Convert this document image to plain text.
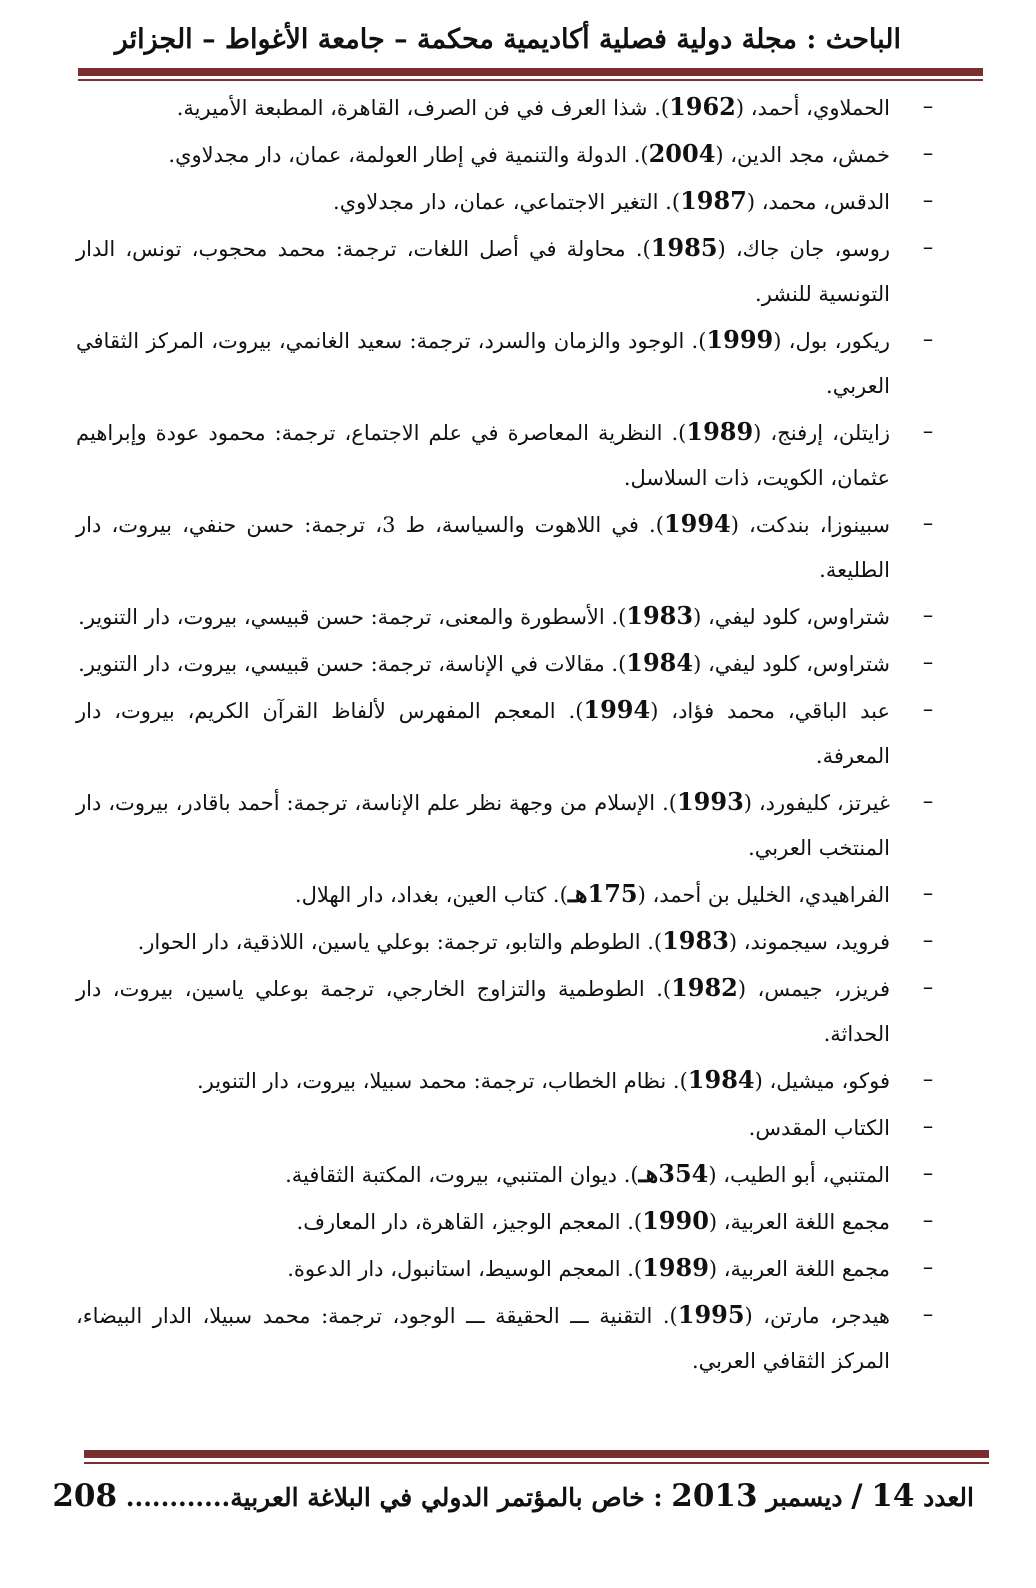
الباحث : مجلة دولية فصلية أكاديمية محكمة – جامعة الأغواط – الجزائر
–
الحملاوي، أحمد، (1962). شذا العرف في فن الصرف، القاهرة، المطبعة الأميرية.
–
خمش، مجد الدين، (2004). الدولة والتنمية في إطار العولمة، عمان، دار مجدلاوي.
–
الدقس، محمد، (1987). التغير الاجتماعي، عمان، دار مجدلاوي.
–
روسو، جان جاك، (1985). محاولة في أصل اللغات، ترجمة: محمد محجوب، تونس، الدار التونسية للنشر.
–
ريكور، بول، (1999). الوجود والزمان والسرد، ترجمة: سعيد الغانمي، بيروت، المركز الثقافي العربي.
–
زايتلن، إرفنج، (1989). النظرية المعاصرة في علم الاجتماع، ترجمة: محمود عودة وإبراهيم عثمان، الكويت، ذات السلاسل.
–
سبينوزا، بندكت، (1994). في اللاهوت والسياسة، ط 3، ترجمة: حسن حنفي، بيروت، دار الطليعة.
–
شتراوس، كلود ليفي، (1983). الأسطورة والمعنى، ترجمة: حسن قبيسي، بيروت، دار التنوير.
–
شتراوس، كلود ليفي، (1984). مقالات في الإناسة، ترجمة: حسن قبيسي، بيروت، دار التنوير.
–
عبد الباقي، محمد فؤاد، (1994). المعجم المفهرس لألفاظ القرآن الكريم، بيروت، دار المعرفة.
–
غيرتز، كليفورد، (1993). الإسلام من وجهة نظر علم الإناسة، ترجمة: أحمد باقادر، بيروت، دار المنتخب العربي.
–
الفراهيدي، الخليل بن أحمد، (175هـ). كتاب العين، بغداد، دار الهلال.
–
فرويد، سيجموند، (1983). الطوطم والتابو، ترجمة: بوعلي ياسين، اللاذقية، دار الحوار.
–
فريزر، جيمس، (1982). الطوطمية والتزاوج الخارجي، ترجمة بوعلي ياسين، بيروت، دار الحداثة.
–
فوكو، ميشيل، (1984). نظام الخطاب، ترجمة: محمد سبيلا، بيروت، دار التنوير.
–
الكتاب المقدس.
–
المتنبي، أبو الطيب، (354هـ). ديوان المتنبي، بيروت، المكتبة الثقافية.
–
مجمع اللغة العربية، (1990). المعجم الوجيز، القاهرة، دار المعارف.
–
مجمع اللغة العربية، (1989). المعجم الوسيط، استانبول، دار الدعوة.
–
هيدجر، مارتن، (1995). التقنية ـــ الحقيقة ـــ الوجود، ترجمة: محمد سبيلا، الدار البيضاء، المركز الثقافي العربي.
العدد 14 / ديسمبر 2013 : خاص بالمؤتمر الدولي في البلاغة العربية............ 208
